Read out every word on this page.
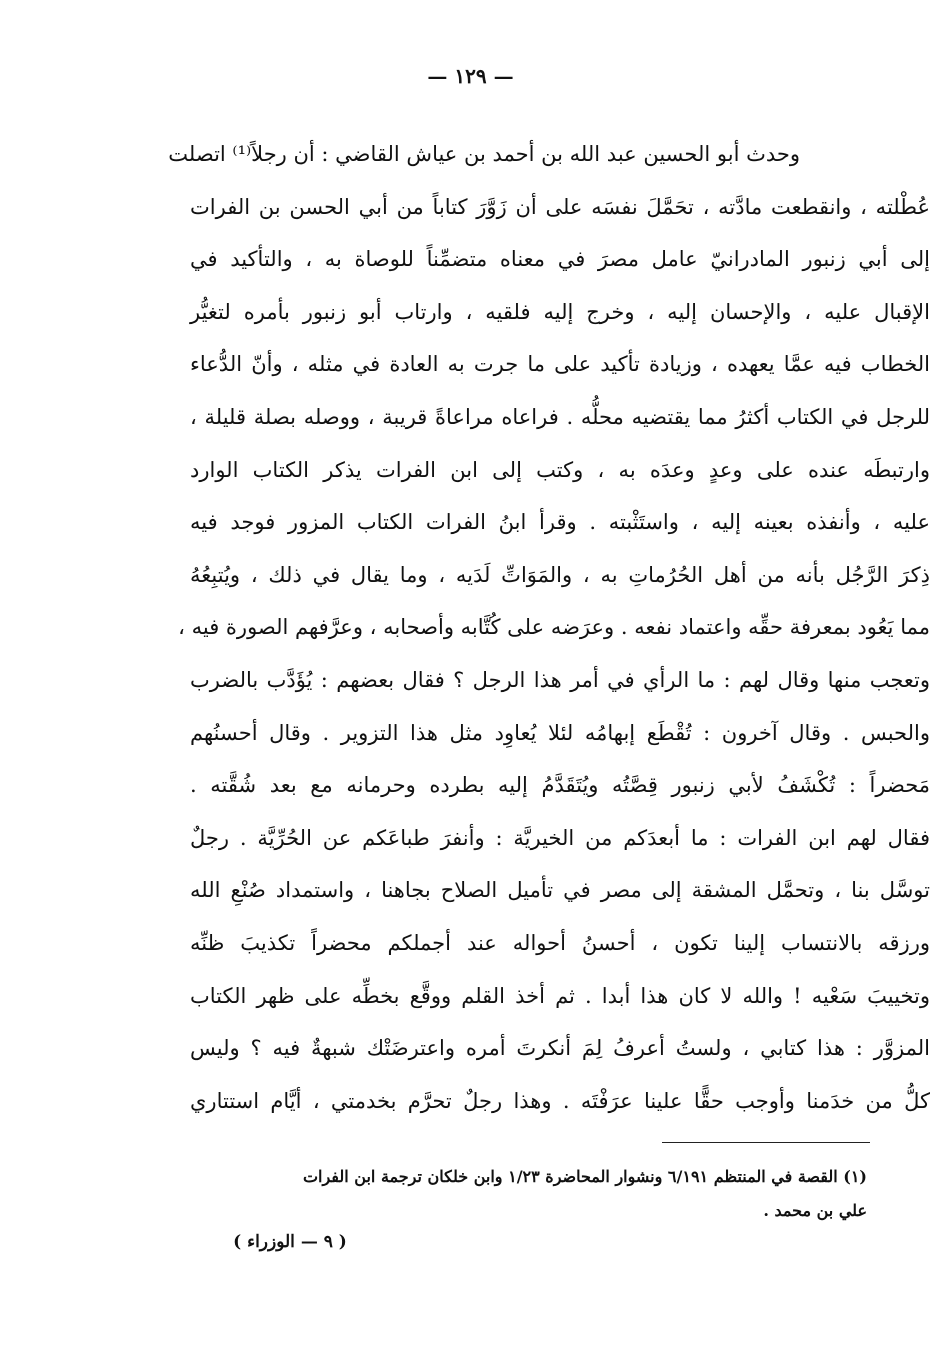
— ١٢٩ —
وحدث أبو الحسين عبد الله بن أحمد بن عياش القاضي : أن رجلاً⁽¹⁾ اتصلت
عُطْلته ، وانقطعت مادَّته ، تحَمَّلَ نفسَه على أن زَوَّرَ كتاباً من أبي الحسن بن الفرات
إلى أبي زنبور المادرانيّ عامل مصرَ في معناه متضمِّناً للوصاة به ، والتأكيد في
الإقبال عليه ، والإحسان إليه ، وخرج إليه فلقيه ، وارتاب أبو زنبور بأمره لتغيُّر
الخطاب فيه عمَّا يعهده ، وزيادة تأكيد على ما جرت به العادة في مثله ، وأنّ الدُّعاء
للرجل في الكتاب أكثرُ مما يقتضيه محلُّه . فراعاه مراعاةً قريبة ، ووصله بصلة قليلة ،
وارتبطَه عنده على وعدٍ وعدَه به ، وكتب إلى ابن الفرات يذكر الكتاب الوارد
عليه ، وأنفذه بعينه إليه ، واستَثْبته . وقرأ ابنُ الفرات الكتاب المزور فوجد فيه
ذِكرَ الرَّجُل بأنه من أهل الحُرُماتِ به ، والمَوَاتِّ لَدَيه ، وما يقال في ذلك ، ويُتبِعُهُ
مما يَعُود بمعرفة حقِّه واعتماد نفعه . وعرَضه على كُتَّابه وأصحابه ، وعرَّفهم الصورة فيه ،
وتعجب منها وقال لهم : ما الرأي في أمر هذا الرجل ؟ فقال بعضهم : يُؤَدَّب بالضرب
والحبس . وقال آخرون : تُقْطَع إبهامُه لئلا يُعاوِد مثل هذا التزوير . وقال أحسنُهم
مَحضراً : تُكْشَفُ لأبي زنبور قِصَّتُه ويُتَقَدَّمُ إليه بطرده وحرمانه مع بعد شُقَّته .
فقال لهم ابن الفرات : ما أبعدَكم من الخيريَّة : وأنفرَ طباعَكم عن الحُرِّيَّة . رجلٌ
توسَّل بنا ، وتحمَّل المشقة إلى مصر في تأميل الصلاح بجاهنا ، واستمداد صُنْعِ الله
ورزقه بالانتساب إلينا تكون ، أحسنُ أحواله عند أجملكم محضراً تكذيبَ ظنِّه
وتخييبَ سَعْيه ! والله لا كان هذا أبدا . ثم أخذ القلم ووقَّع بخطِّه على ظهر الكتاب
المزوَّر : هذا كتابي ، ولستُ أعرفُ لِمَ أنكرتَ أمره واعترضَتْك شبهةٌ فيه ؟ وليس
كلُّ من خدَمنا وأوجب حقًّا علينا عرَفْتَه . وهذا رجلٌ تحرَّم بخدمتي ، أيَّام استتاري
(١) القصة في المنتظم ٦/١٩١ ونشوار المحاضرة ١/٢٣ وابن خلكان ترجمة ابن الفرات
علي بن محمد .
( ٩ — الوزراء )
